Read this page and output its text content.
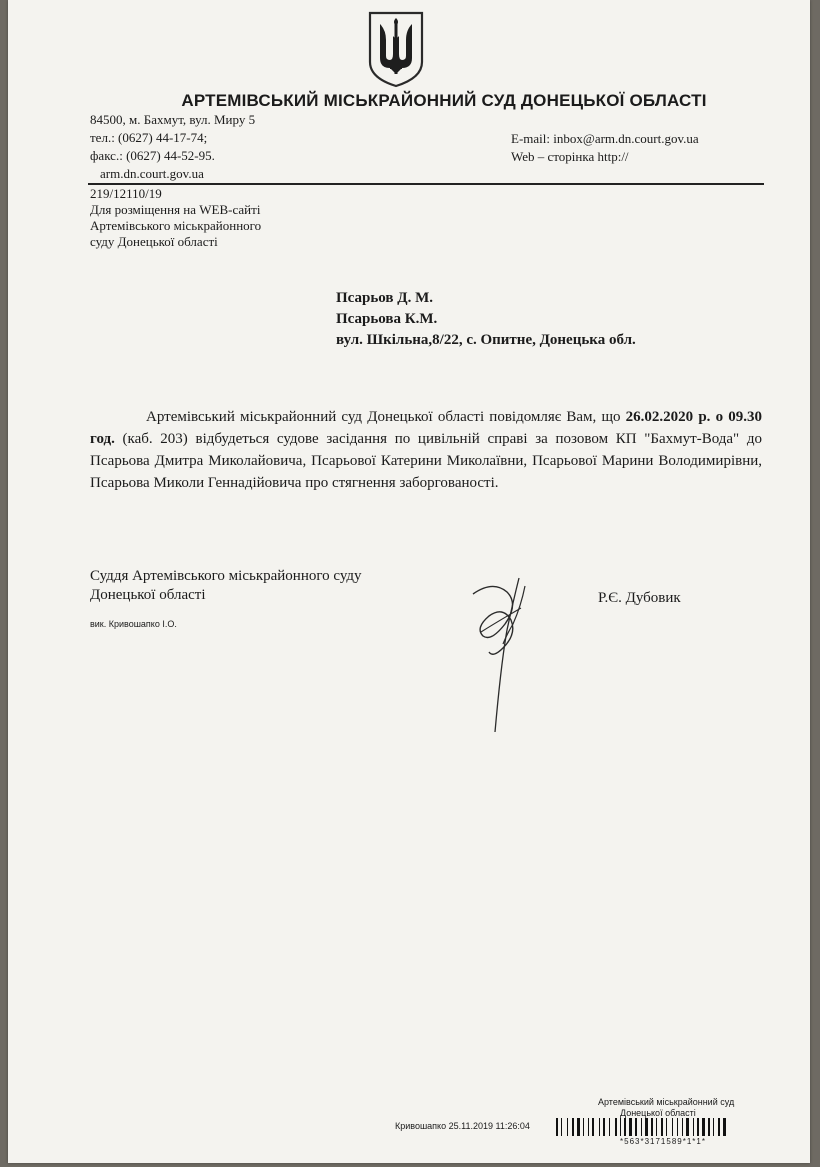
АРТЕМІВСЬКИЙ МІСЬКРАЙОННИЙ СУД ДОНЕЦЬКОЇ ОБЛАСТІ
84500, м. Бахмут, вул. Миру 5
тел.: (0627) 44-17-74;
факс.: (0627) 44-52-95.
arm.dn.court.gov.ua
E-mail: inbox@arm.dn.court.gov.ua
Web – сторінка http://
219/12110/19
Для розміщення на WEB-сайті
Артемівського міськрайонного
суду Донецької області
Псарьов Д. М.
Псарьова К.М.
вул. Шкільна,8/22, с. Опитне, Донецька обл.

Артемівський міськрайонний суд Донецької області повідомляє Вам, що 26.02.2020 р. о 09.30 год. (каб. 203) відбудеться судове засідання по цивільній справі за позовом КП "Бахмут-Вода" до Псарьова Дмитра Миколайовича, Псарьової Катерини Миколаївни, Псарьової Марини Володимирівни, Псарьова Миколи Геннадійовича про стягнення заборгованості.

Суддя Артемівського міськрайонного суду
Донецької області	Р.Є. Дубовик
вик. Кривошапко І.О.
Артемівський міськрайонний суд
Донецької області
Кривошапко 25.11.2019 11:26:04
*563*3171589*1*1*
